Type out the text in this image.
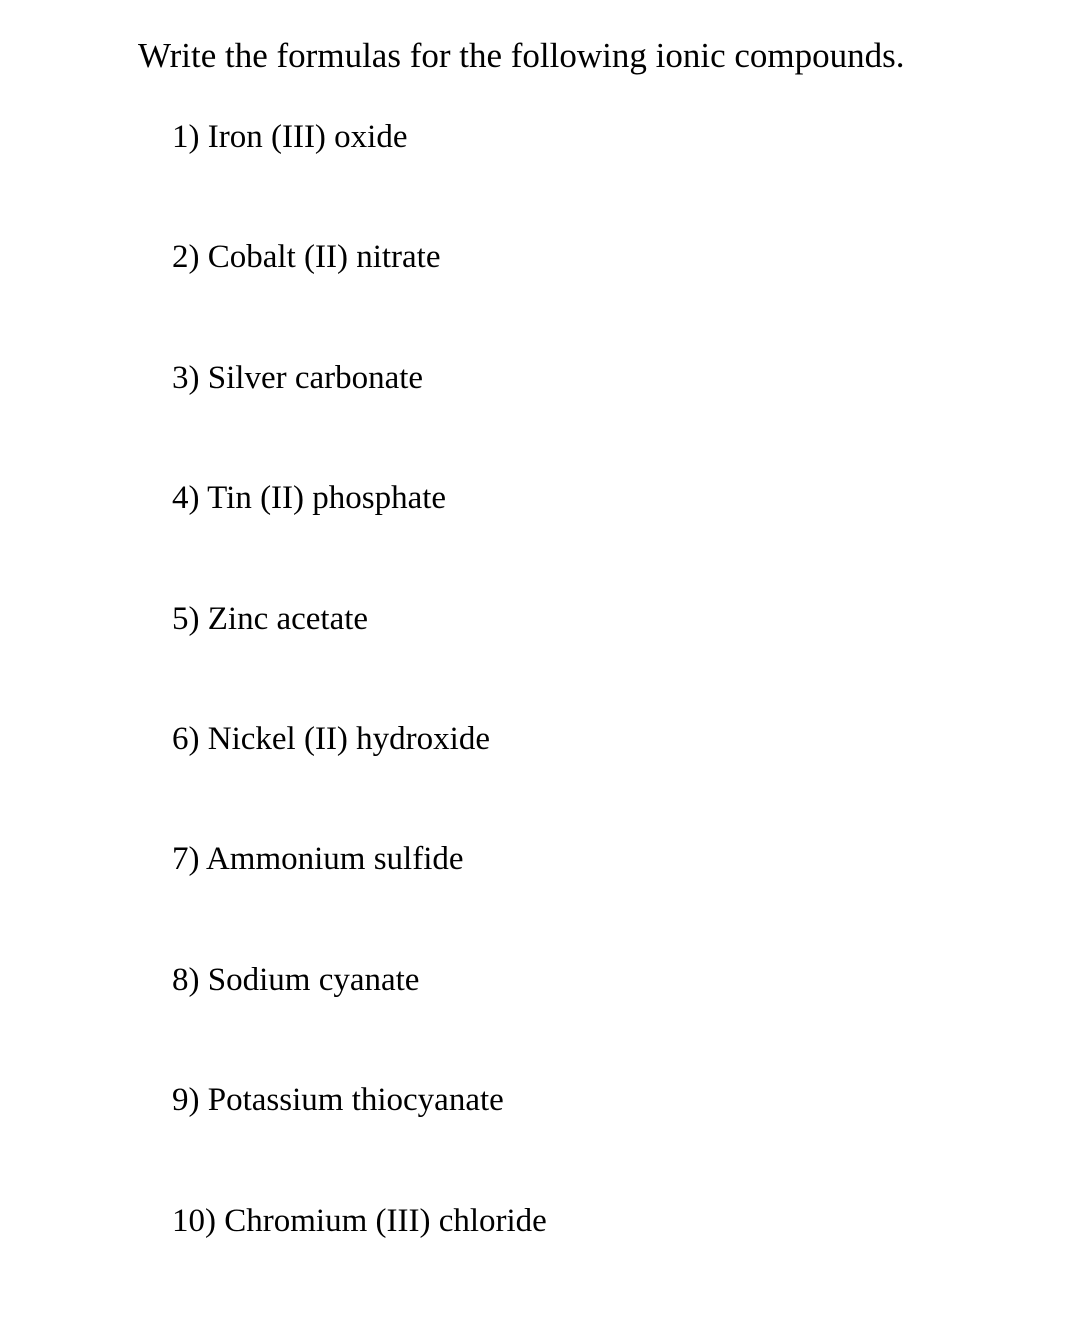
Write the formulas for the following ionic compounds.
1) Iron (III) oxide
2) Cobalt (II) nitrate
3) Silver carbonate
4) Tin (II) phosphate
5) Zinc acetate
6) Nickel (II) hydroxide
7) Ammonium sulfide
8) Sodium cyanate
9) Potassium thiocyanate
10) Chromium (III) chloride
